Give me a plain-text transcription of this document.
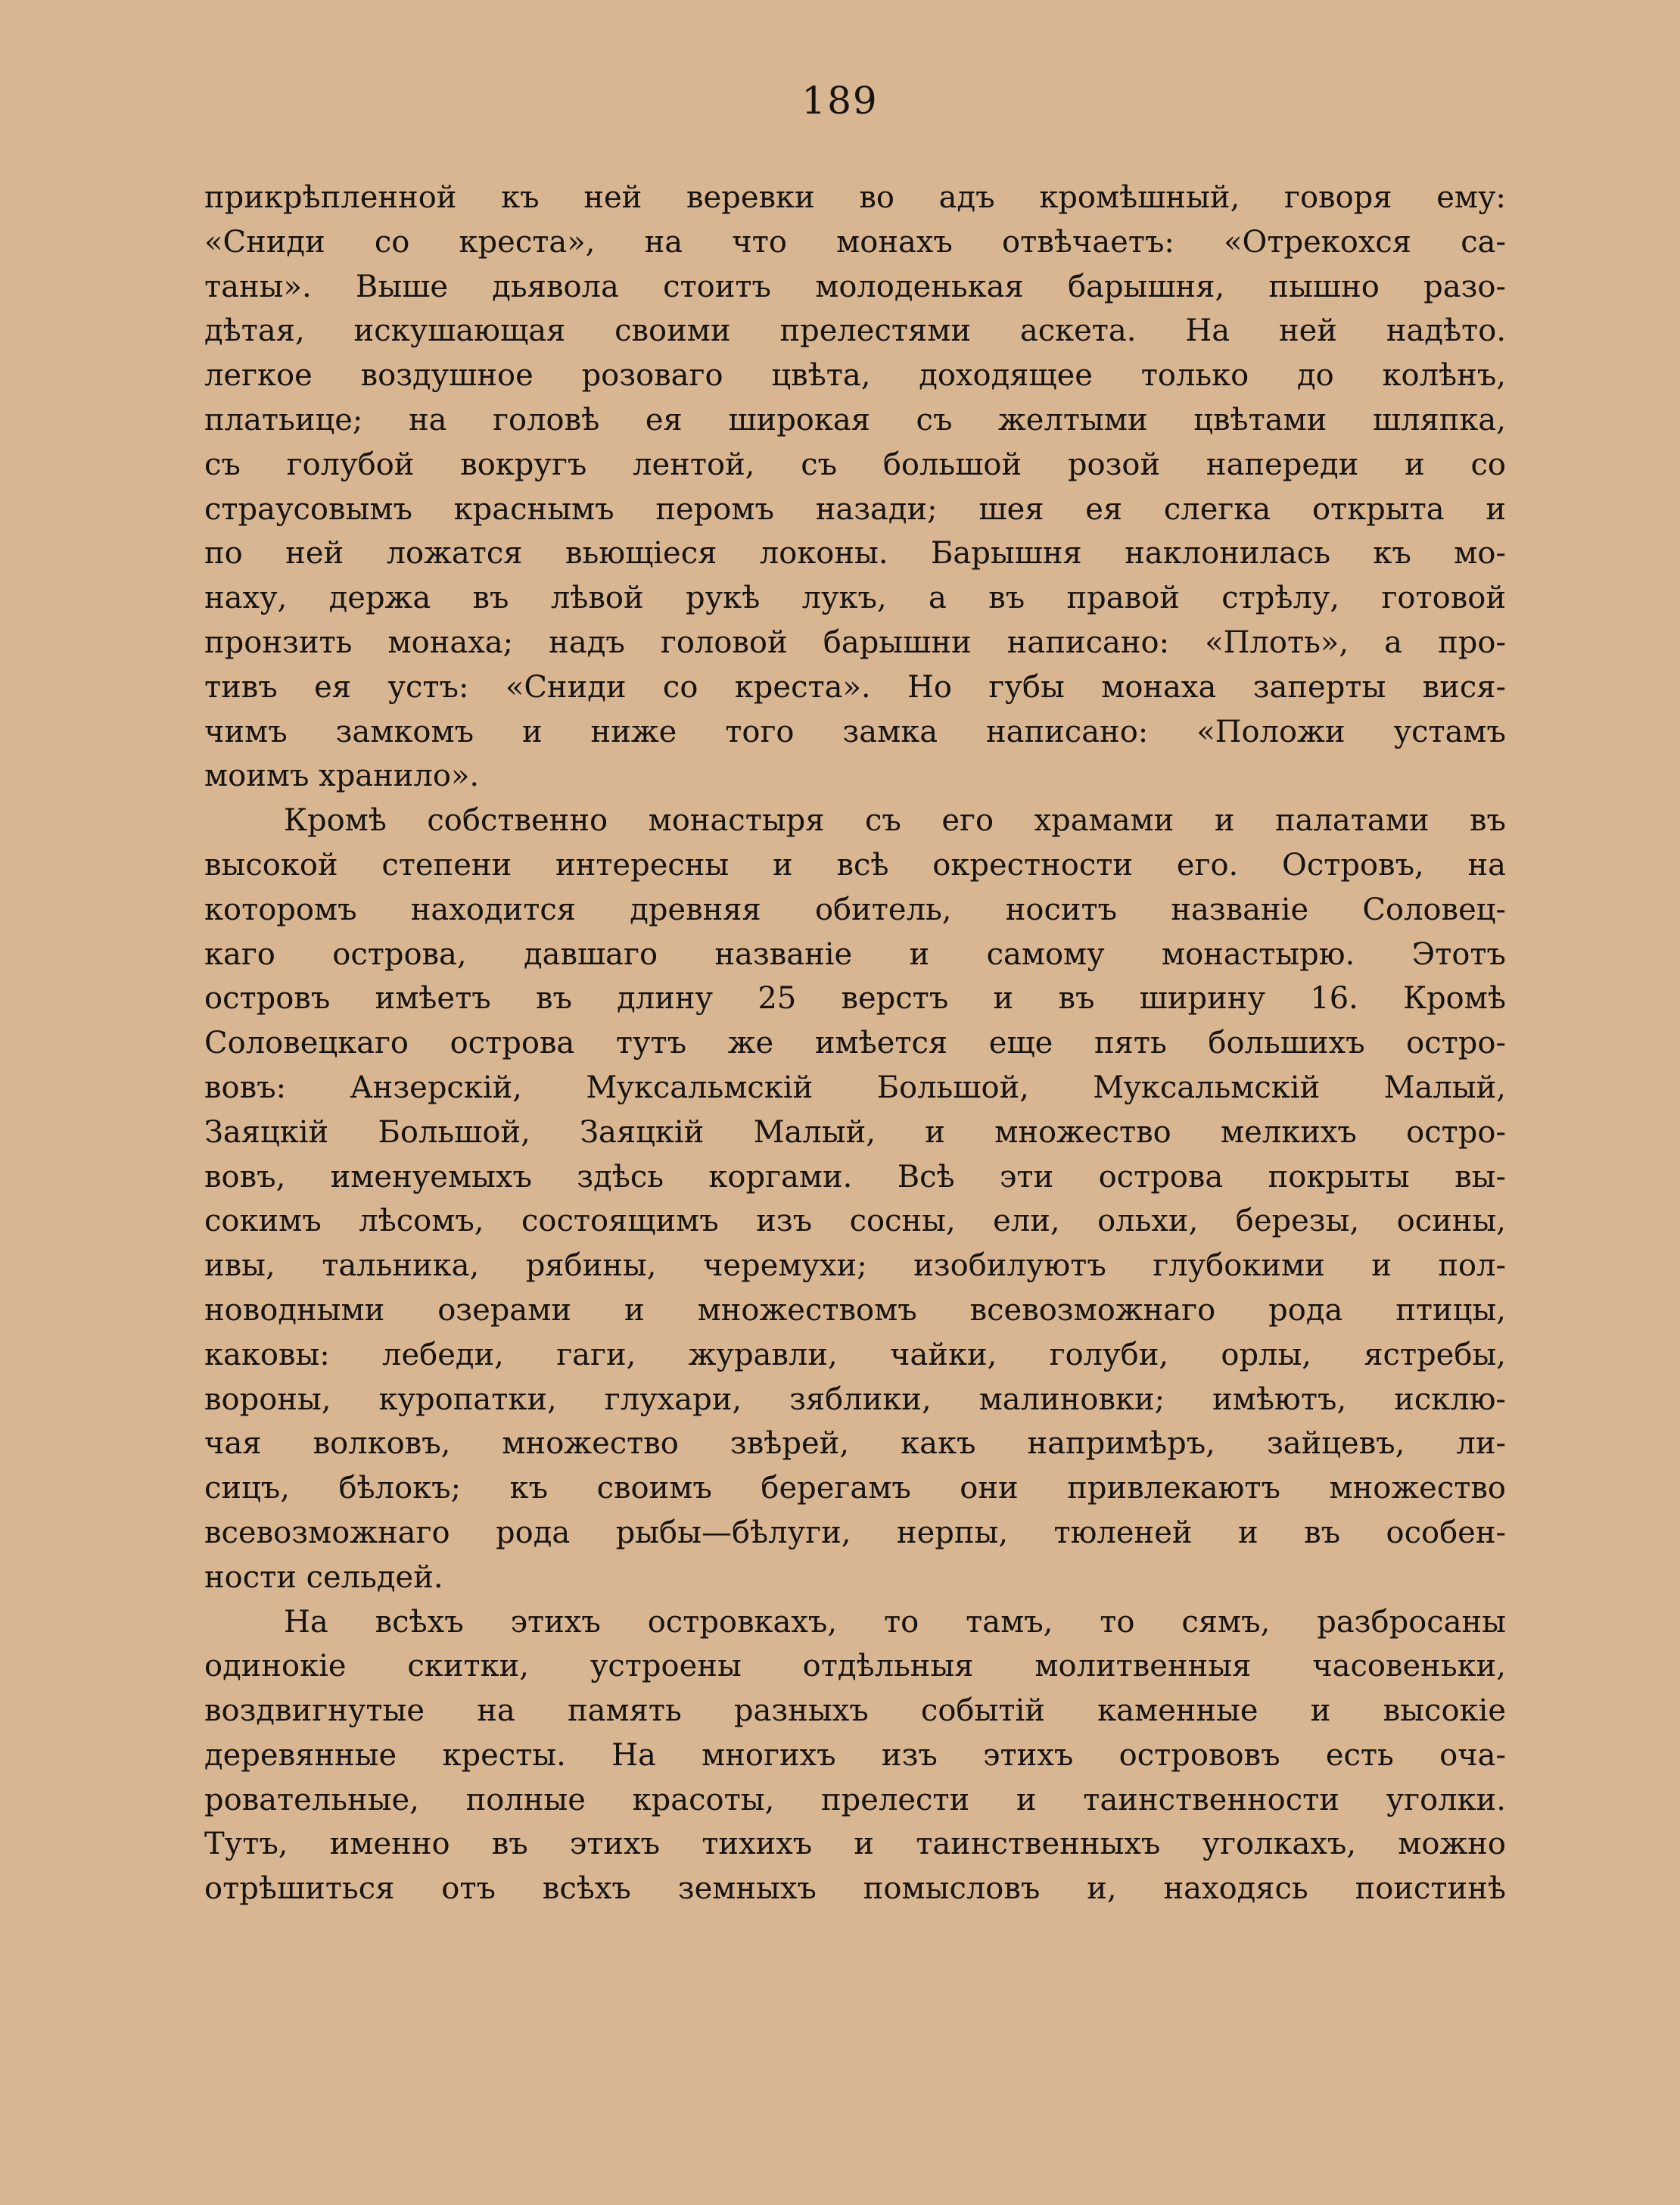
189
прикрѣпленной къ ней веревки во адъ кромѣшный, говоря ему:
«Сниди со креста», на что монахъ отвѣчаетъ: «Отрекохся са-
таны». Выше дьявола стоитъ молоденькая барышня, пышно разо-
дѣтая, искушающая своими прелестями аскета. На ней надѣто.
легкое воздушное розоваго цвѣта, доходящее только до колѣнъ,
платьице; на головѣ ея широкая съ желтыми цвѣтами шляпка,
съ голубой вокругъ лентой, съ большой розой напереди и со
страусовымъ краснымъ перомъ назади; шея ея слегка открыта и
по ней ложатся вьющіеся локоны. Барышня наклонилась къ мо-
наху, держа въ лѣвой рукѣ лукъ, а въ правой стрѣлу, готовой
пронзить монаха; надъ головой барышни написано: «Плоть», а про-
тивъ ея устъ: «Сниди со креста». Но губы монаха заперты вися-
чимъ замкомъ и ниже того замка написано: «Положи устамъ
моимъ хранило».
Кромѣ собственно монастыря съ его храмами и палатами въ
высокой степени интересны и всѣ окрестности его. Островъ, на
которомъ находится древняя обитель, носитъ названіе Соловец-
каго острова, давшаго названіе и самому монастырю. Этотъ
островъ имѣетъ въ длину 25 верстъ и въ ширину 16. Кромѣ
Соловецкаго острова тутъ же имѣется еще пять большихъ остро-
вовъ: Анзерскій, Мyксальмскій Большой, Мyксальмскій Малый,
Заяцкій Большой, Заяцкій Малый, и множество мелкихъ остро-
вовъ, именуемыхъ здѣсь коргами. Всѣ эти острова покрыты вы-
сокимъ лѣсомъ, состоящимъ изъ сосны, ели, ольхи, березы, осины,
ивы, тальника, рябины, черемухи; изобилуютъ глубокими и пол-
новодными озерами и множествомъ всевозможнаго рода птицы,
каковы: лебеди, гаги, журавли, чайки, голуби, орлы, ястребы,
вороны, куропатки, глухари, зяблики, малиновки; имѣютъ, исклю-
чая волковъ, множество звѣрей, какъ напримѣръ, зайцевъ, ли-
сицъ, бѣлокъ; къ своимъ берегамъ они привлекаютъ множество
всевозможнаго рода рыбы—бѣлуги, нерпы, тюленей и въ особен-
ности сельдей.
На всѣхъ этихъ островкахъ, то тамъ, то сямъ, разбросаны
одинокіе скитки, устроены отдѣльныя молитвенныя часовеньки,
воздвигнутые на память разныхъ событій каменные и высокіе
деревянные кресты. На многихъ изъ этихъ острововъ есть оча-
ровательные, полные красоты, прелести и таинственности уголки.
Тутъ, именно въ этихъ тихихъ и таинственныхъ уголкахъ, можно
отрѣшиться отъ всѣхъ земныхъ помысловъ и, находясь поистинѣ
